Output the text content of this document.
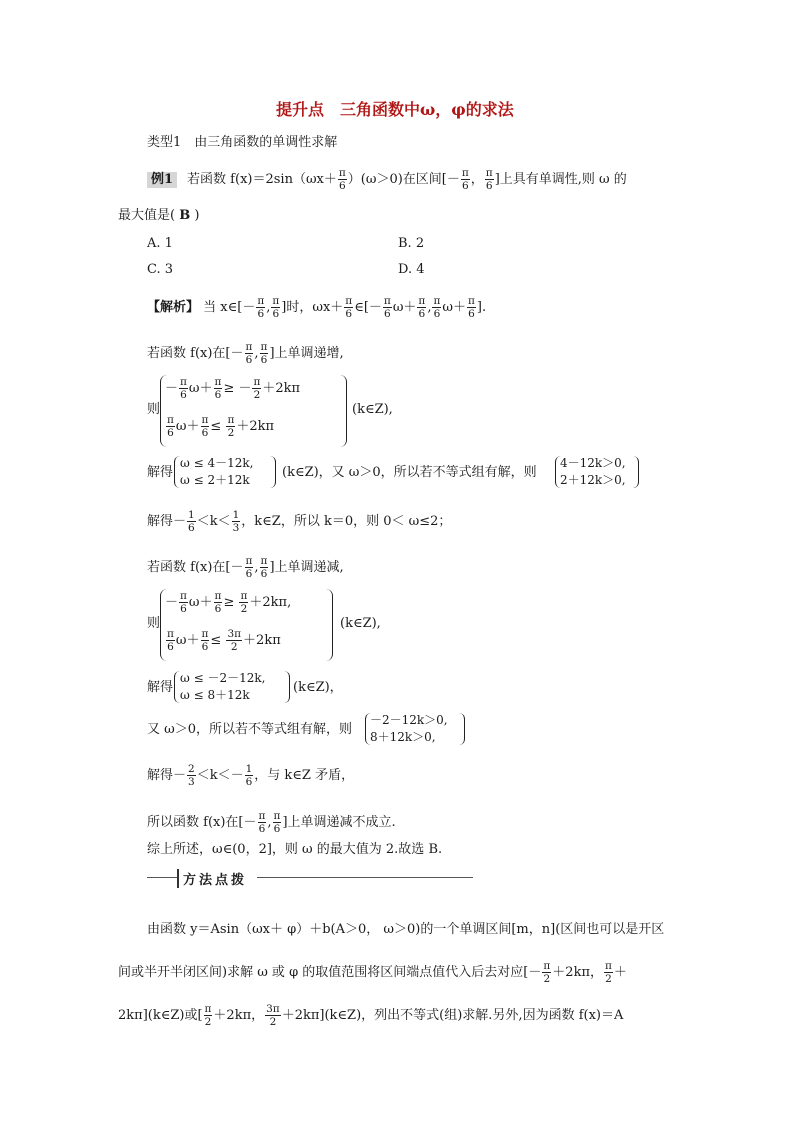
提升点　三角函数中ω，φ的求法
类型1　由三角函数的单调性求解
例1 若函数 $f(x)=2\sin(\omega x+ \frac{\pi}{6} )(\omega>0)$在区间[－ $\frac{\pi}{6}$ ， $\frac{\pi}{6}$ ]上具有单调性,则 ω 的
最大值是( B )
A. 1	B. 2
C. 3	D. 4
【解析】 当 x∈[－ $\frac{\pi}{6}$ , $\frac{\pi}{6}$ ]时，$\omega x+ \frac{\pi}{6}$ ∈[－ $\frac{\pi}{6} \omega+ \frac{\pi}{6}$ , $\frac{\pi}{6} \omega+ \frac{\pi}{6}$ ].
若函数 f(x)在[－ $\frac{\pi}{6}$ , $\frac{\pi}{6}$ ]上单调递增,
则
－ $\frac{\pi}{6} \omega+ \frac{\pi}{6}$ ≥ － $\frac{\pi}{2} +2k\pi$
$\frac{\pi}{6} \omega+ \frac{\pi}{6} \le \frac{\pi}{2} +2k\pi$
(k∈Z),
解得
ω ≤ 4－12k,
ω ≤ 2＋12k (k∈Z)，又 ω＞0，所以若不等式组有解，则
4－12k＞0,
2＋12k＞0,
解得－ $\frac{1}{6} <k< \frac{1}{3}$ ，k∈Z，所以 k＝0，则 0＜ ω≤2；
若函数 f(x)在[－ $\frac{\pi}{6}$ , $\frac{\pi}{6}$ ]上单调递减,
则
－ $\frac{\pi}{6} \omega+ \frac{\pi}{6} \ge \frac{\pi}{2} +2k\pi$,
$\frac{\pi}{6} \omega+ \frac{\pi}{6} \le \frac{3\pi}{2} +2k\pi$
(k∈Z),
解得
ω ≤ －2－12k,
ω ≤ 8＋12k	(k∈Z)，
又 ω＞0，所以若不等式组有解，则
－2－12k＞0,
8＋12k＞0,
解得－ $\frac{2}{3} <k<- \frac{1}{6}$ ，与 k∈Z 矛盾，
所以函数 f(x)在[－ $\frac{\pi}{6}$ , $\frac{\pi}{6}$ ]上单调递减不成立.
综上所述，ω∈(0，2]，则 ω 的最大值为 2.故选 B.
方法点拨
由函数 y＝Asin（ωx＋ φ）＋b(A＞0， ω＞0)的一个单调区间[m，n](区间也可以是开区
间或半开半闭区间)求解 ω 或 φ 的取值范围将区间端点值代入后去对应[－ $\frac{\pi}{2} +2k\pi$， $\frac{\pi}{2}$ ＋
2kπ](k∈Z)或[ $\frac{\pi}{2} +2k\pi$， $\frac{3\pi}{2}$ ＋2kπ](k∈Z)，列出不等式(组)求解.另外,因为函数 f(x)＝A
